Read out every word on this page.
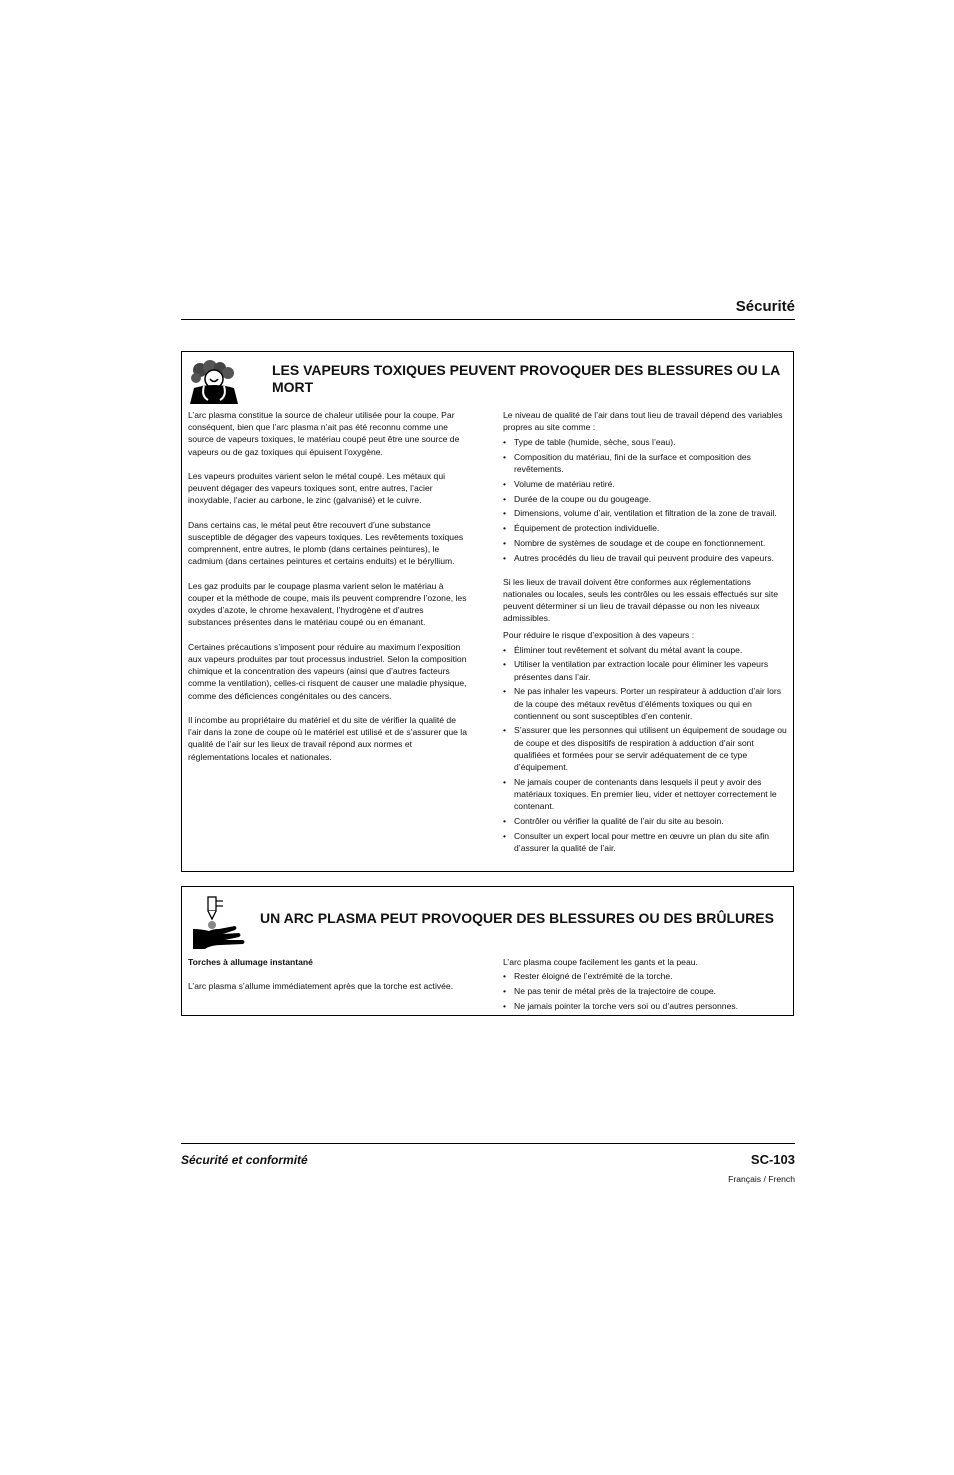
Sécurité
LES VAPEURS TOXIQUES PEUVENT PROVOQUER DES BLESSURES OU LA MORT

L’arc plasma constitue la source de chaleur utilisée pour la coupe. Par conséquent, bien que l’arc plasma n’ait pas été reconnu comme une source de vapeurs toxiques, le matériau coupé peut être une source de vapeurs ou de gaz toxiques qui épuisent l’oxygène.

Les vapeurs produites varient selon le métal coupé. Les métaux qui peuvent dégager des vapeurs toxiques sont, entre autres, l’acier inoxydable, l’acier au carbone, le zinc (galvanisé) et le cuivre.

Dans certains cas, le métal peut être recouvert d’une substance susceptible de dégager des vapeurs toxiques. Les revêtements toxiques comprennent, entre autres, le plomb (dans certaines peintures), le cadmium (dans certaines peintures et certains enduits) et le béryllium.

Les gaz produits par le coupage plasma varient selon le matériau à couper et la méthode de coupe, mais ils peuvent comprendre l’ozone, les oxydes d’azote, le chrome hexavalent, l’hydrogène et d’autres substances présentes dans le matériau coupé ou en émanant.

Certaines précautions s’imposent pour réduire au maximum l’exposition aux vapeurs produites par tout processus industriel. Selon la composition chimique et la concentration des vapeurs (ainsi que d’autres facteurs comme la ventilation), celles-ci risquent de causer une maladie physique, comme des déficiences congénitales ou des cancers.

Il incombe au propriétaire du matériel et du site de vérifier la qualité de l’air dans la zone de coupe où le matériel est utilisé et de s’assurer que la qualité de l’air sur les lieux de travail répond aux normes et réglementations locales et nationales.

Le niveau de qualité de l’air dans tout lieu de travail dépend des variables propres au site comme :

• Type de table (humide, sèche, sous l’eau).
• Composition du matériau, fini de la surface et composition des revêtements.
• Volume de matériau retiré.
• Durée de la coupe ou du gougeage.
• Dimensions, volume d’air, ventilation et filtration de la zone de travail.
• Équipement de protection individuelle.
• Nombre de systèmes de soudage et de coupe en fonctionnement.
• Autres procédés du lieu de travail qui peuvent produire des vapeurs.

Si les lieux de travail doivent être conformes aux réglementations nationales ou locales, seuls les contrôles ou les essais effectués sur site peuvent déterminer si un lieu de travail dépasse ou non les niveaux admissibles.

Pour réduire le risque d’exposition à des vapeurs :

• Éliminer tout revêtement et solvant du métal avant la coupe.
• Utiliser la ventilation par extraction locale pour éliminer les vapeurs présentes dans l’air.
• Ne pas inhaler les vapeurs. Porter un respirateur à adduction d’air lors de la coupe des métaux revêtus d’éléments toxiques ou qui en contiennent ou sont susceptibles d’en contenir.
• S’assurer que les personnes qui utilisent un équipement de soudage ou de coupe et des dispositifs de respiration à adduction d’air sont qualifiées et formées pour se servir adéquatement de ce type d’équipement.
• Ne jamais couper de contenants dans lesquels il peut y avoir des matériaux toxiques. En premier lieu, vider et nettoyer correctement le contenant.
• Contrôler ou vérifier la qualité de l’air du site au besoin.
• Consulter un expert local pour mettre en œuvre un plan du site afin d’assurer la qualité de l’air.
UN ARC PLASMA PEUT PROVOQUER DES BLESSURES OU DES BRÛLURES

Torches à allumage instantané

L’arc plasma s’allume immédiatement après que la torche est activée.

L’arc plasma coupe facilement les gants et la peau.

• Rester éloigné de l’extrémité de la torche.
• Ne pas tenir de métal près de la trajectoire de coupe.
• Ne jamais pointer la torche vers soi ou d’autres personnes.
Sécurité et conformité	SC-103
Français / French
